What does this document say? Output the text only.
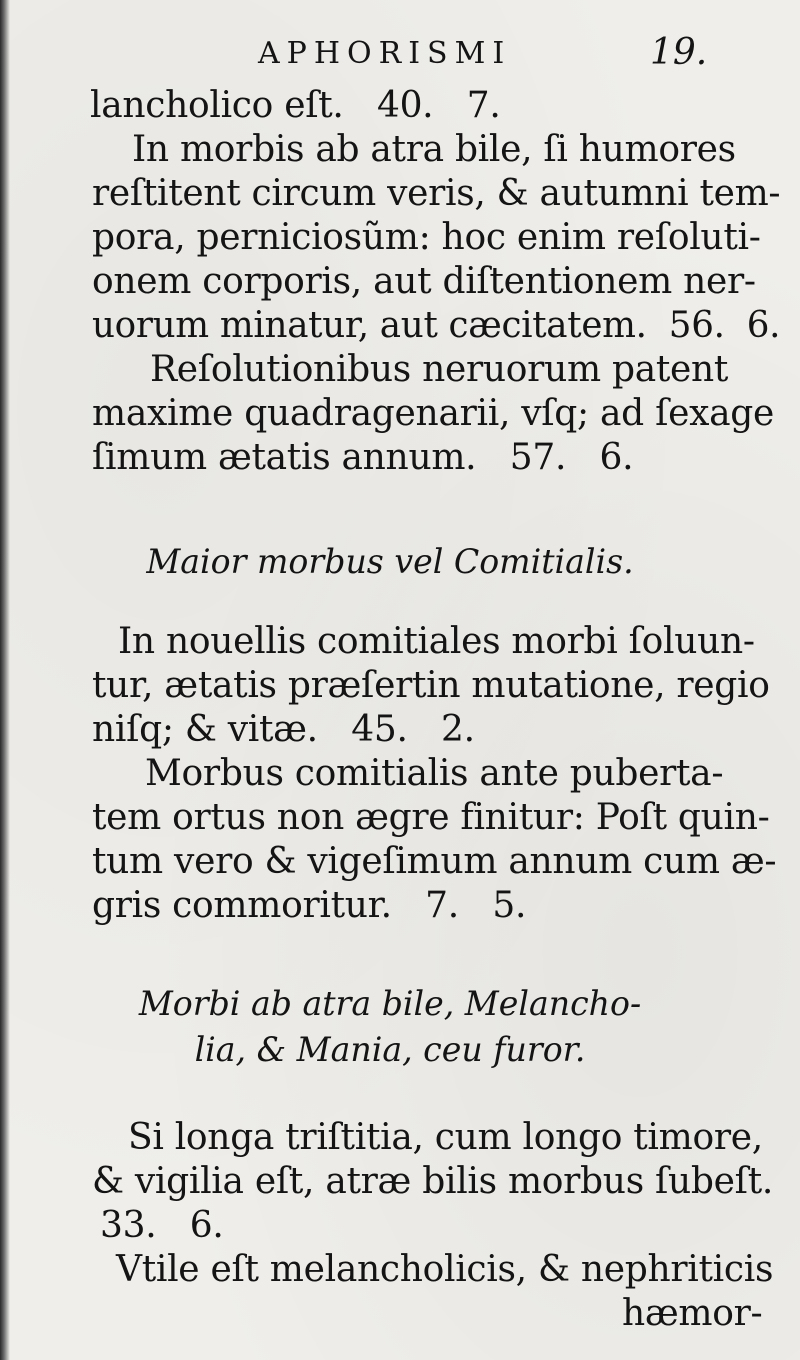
APHORISMI	19.
lancholico eſt.   40.   7.
In morbis ab atra bile, ſi humores
reſtitent circum veris, & autumni tem-
pora, perniciosũm: hoc enim reſoluti-
onem corporis, aut diſtentionem ner-
uorum minatur, aut cæcitatem.  56.  6.
Reſolutionibus neruorum patent
maxime quadragenarii, vſq; ad ſexage
ſimum ætatis annum.   57.   6.
Maior morbus vel Comitialis.
In nouellis comitiales morbi ſoluun-
tur, ætatis præſertin mutatione, regio
niſq; & vitæ.   45.   2.
Morbus comitialis ante puberta-
tem ortus non ægre finitur: Poſt quin-
tum vero & vigeſimum annum cum æ-
gris commoritur.   7.   5.
Morbi ab atra bile, Melancho-
lia, & Mania, ceu furor.
Si longa triſtitia, cum longo timore,
& vigilia eſt, atræ bilis morbus ſubeſt.
33.   6.
Vtile eſt melancholicis, & nephriticis
hæmor-
